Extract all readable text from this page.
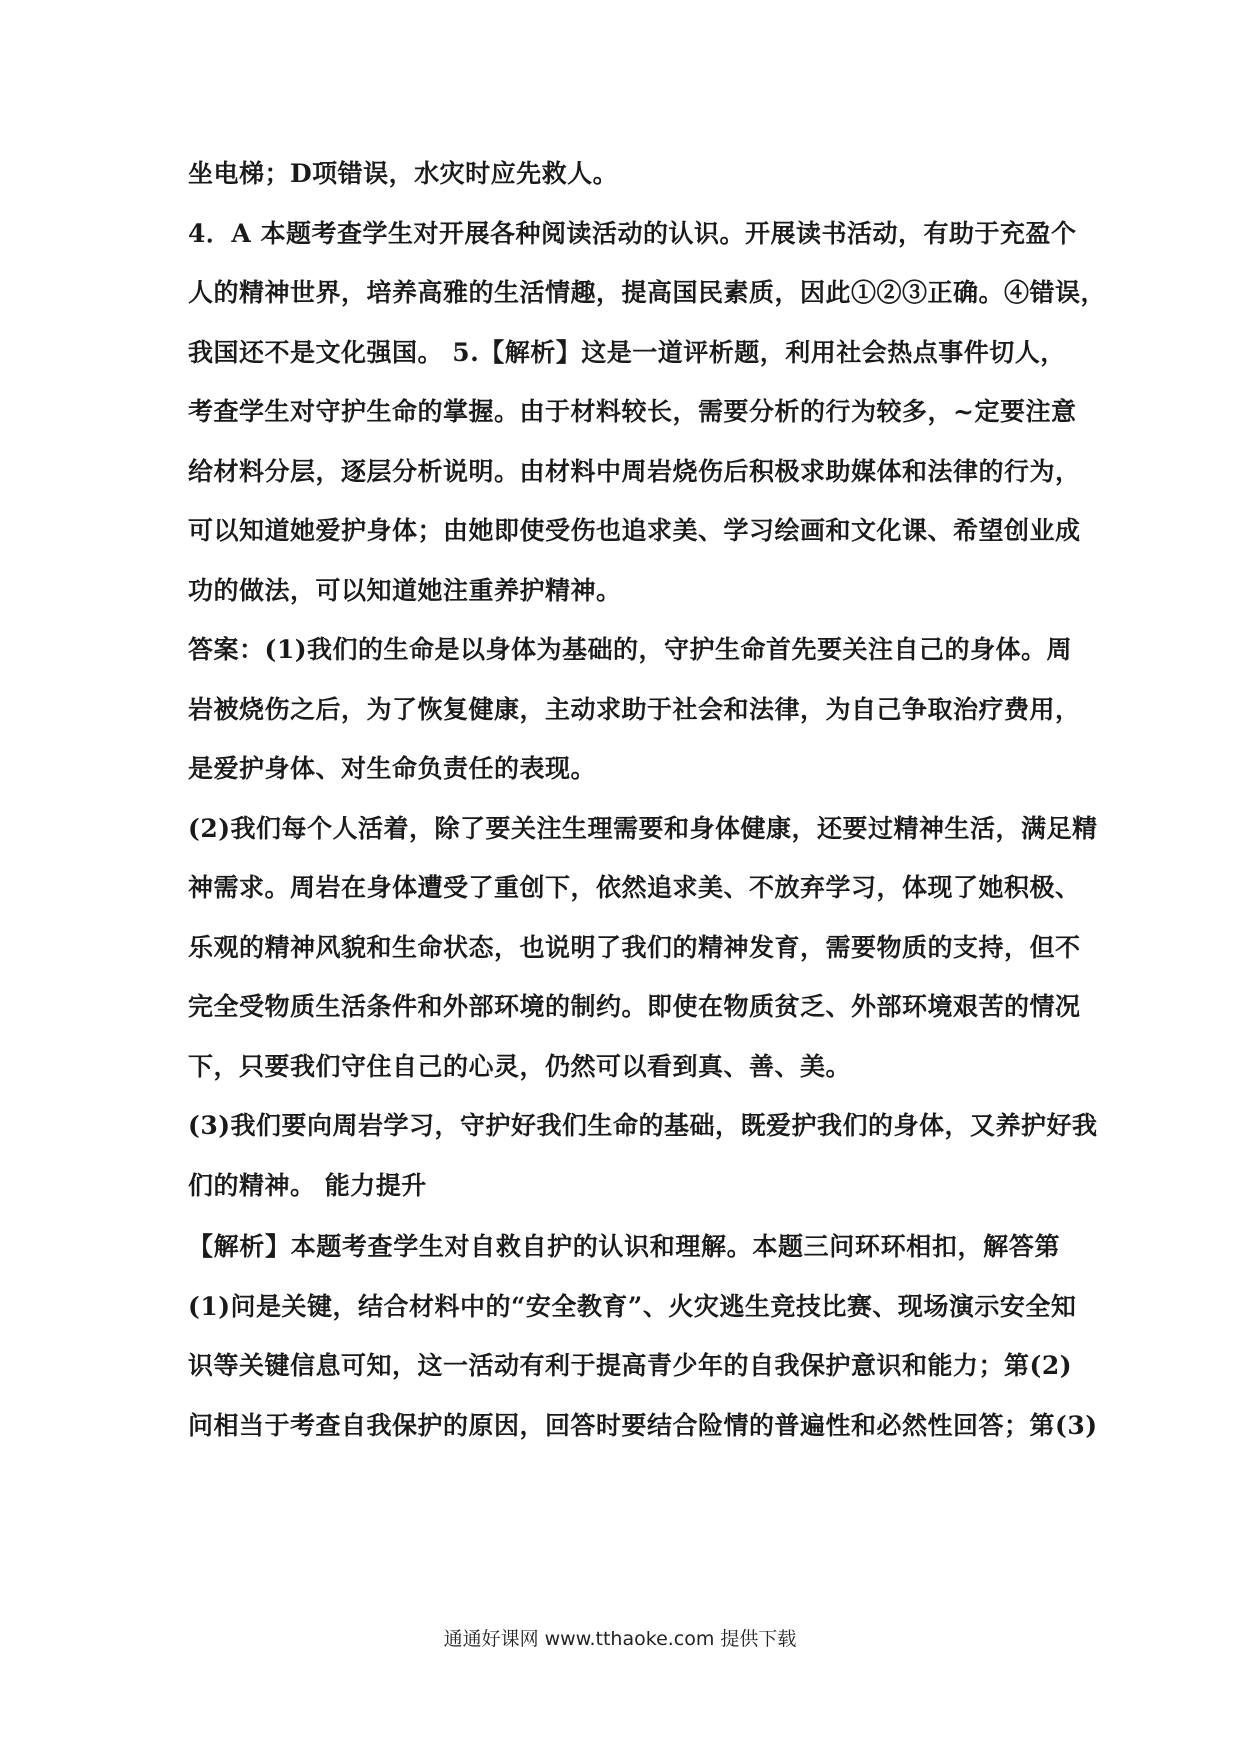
坐电梯；D项错误，水灾时应先救人。
4．A 本题考查学生对开展各种阅读活动的认识。开展读书活动，有助于充盈个
人的精神世界，培养高雅的生活情趣，提高国民素质，因此①②③正确。④错误，
我国还不是文化强国。 5.【解析】这是一道评析题，利用社会热点事件切人，
考查学生对守护生命的掌握。由于材料较长，需要分析的行为较多，~定要注意
给材料分层，逐层分析说明。由材料中周岩烧伤后积极求助媒体和法律的行为，
可以知道她爱护身体；由她即使受伤也追求美、学习绘画和文化课、希望创业成
功的做法，可以知道她注重养护精神。
答案：(1)我们的生命是以身体为基础的，守护生命首先要关注自己的身体。周
岩被烧伤之后，为了恢复健康，主动求助于社会和法律，为自己争取治疗费用，
是爱护身体、对生命负责任的表现。
(2)我们每个人活着，除了要关注生理需要和身体健康，还要过精神生活，满足精
神需求。周岩在身体遭受了重创下，依然追求美、不放弃学习，体现了她积极、
乐观的精神风貌和生命状态，也说明了我们的精神发育，需要物质的支持，但不
完全受物质生活条件和外部环境的制约。即使在物质贫乏、外部环境艰苦的情况
下，只要我们守住自己的心灵，仍然可以看到真、善、美。
(3)我们要向周岩学习，守护好我们生命的基础，既爱护我们的身体，又养护好我
们的精神。 能力提升
【解析】本题考查学生对自救自护的认识和理解。本题三问环环相扣，解答第
(1)问是关键，结合材料中的“安全教育”、火灾逃生竞技比赛、现场演示安全知
识等关键信息可知，这一活动有利于提高青少年的自我保护意识和能力；第(2)
问相当于考查自我保护的原因，回答时要结合险情的普遍性和必然性回答；第(3)
通通好课网 www.tthaoke.com 提供下载
